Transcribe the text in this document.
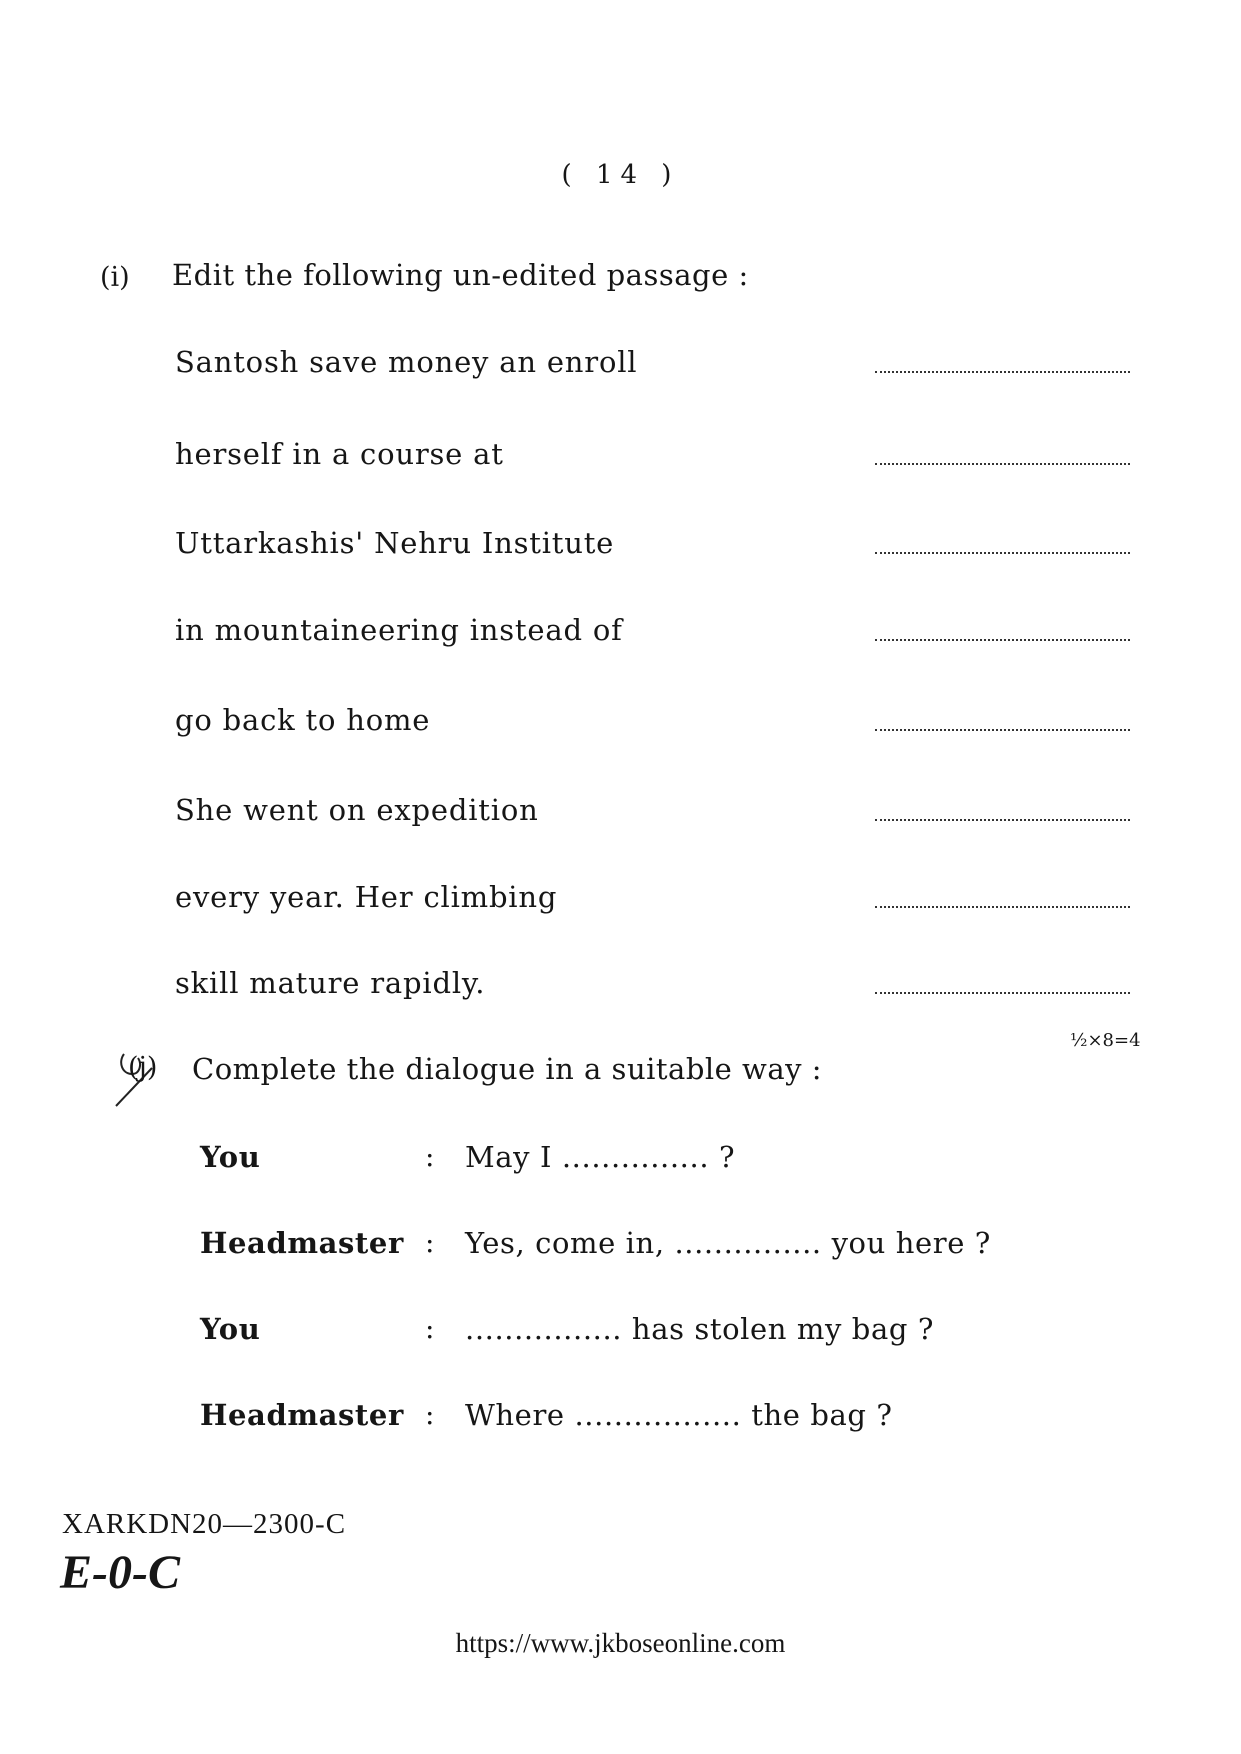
( 14 )
(i) Edit the following un-edited passage :
Santosh save money an enroll
herself in a course at
Uttarkashis' Nehru Institute
in mountaineering instead of
go back to home
She went on expedition
every year. Her climbing
skill mature rapidly.
½×8=4
(j) Complete the dialogue in a suitable way :
You	: May I ............... ?
Headmaster : Yes, come in, ............... you here ?
You	: ................ has stolen my bag ?
Headmaster : Where ................. the bag ?
XARKDN20—2300-C
E-0-C
https://www.jkboseonline.com
